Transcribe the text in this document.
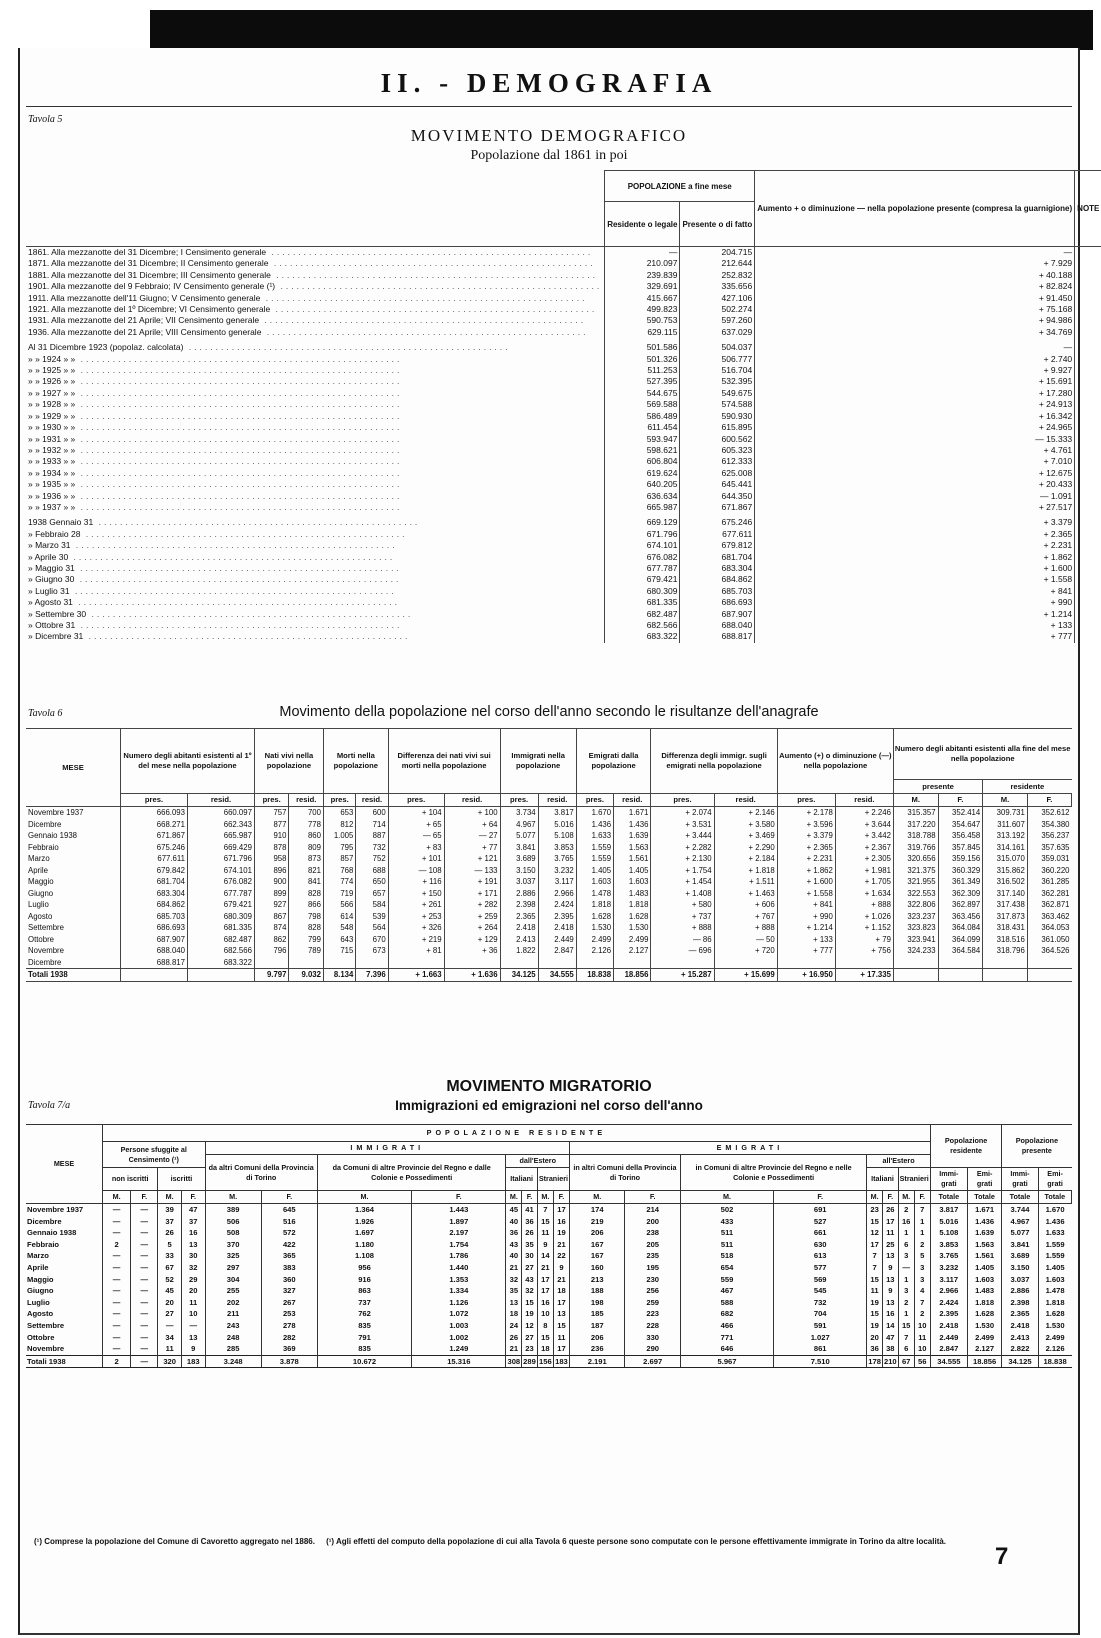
II. - DEMOGRAFIA
Tavola 5
MOVIMENTO DEMOGRAFICO
Popolazione dal 1861 in poi
	POPOLAZIONE a fine mese		Aumento + o diminuzione — nella popolazione presente (compresa la guarnigione)	NOTE
	Residente o legale	Presente o di fatto		
1861. Alla mezzanotte del 31 Dicembre; I Censimento generale ............................................................	—	204.715	—	
1871. Alla mezzanotte del 31 Dicembre; II Censimento generale ............................................................	210.097	212.644	+ 7.929	
1881. Alla mezzanotte del 31 Dicembre; III Censimento generale ............................................................	239.839	252.832	+ 40.188	
1901. Alla mezzanotte del 9 Febbraio; IV Censimento generale (¹) ............................................................	329.691	335.656	+ 82.824	
1911. Alla mezzanotte dell'11 Giugno; V Censimento generale ............................................................	415.667	427.106	+ 91.450	
1921. Alla mezzanotte del 1º Dicembre; VI Censimento generale ............................................................	499.823	502.274	+ 75.168	
1931. Alla mezzanotte del 21 Aprile; VII Censimento generale ............................................................	590.753	597.260	+ 94.986	
1936. Alla mezzanotte del 21 Aprile; VIII Censimento generale ............................................................	629.115	637.029	+ 34.769	
Al 31 Dicembre 1923 (popolaz. calcolata) ............................................................	501.586	504.037	—	
» » 1924 » » ............................................................	501.326	506.777	+ 2.740	
» » 1925 » » ............................................................	511.253	516.704	+ 9.927	
» » 1926 » » ............................................................	527.395	532.395	+ 15.691	
» » 1927 » » ............................................................	544.675	549.675	+ 17.280	
» » 1928 » » ............................................................	569.588	574.588	+ 24.913	
» » 1929 » » ............................................................	586.489	590.930	+ 16.342	
» » 1930 » » ............................................................	611.454	615.895	+ 24.965	
» » 1931 » » ............................................................	593.947	600.562	— 15.333	
» » 1932 » » ............................................................	598.621	605.323	+ 4.761	
» » 1933 » » ............................................................	606.804	612.333	+ 7.010	
» » 1934 » » ............................................................	619.624	625.008	+ 12.675	
» » 1935 » » ............................................................	640.205	645.441	+ 20.433	
» » 1936 » » ............................................................	636.634	644.350	— 1.091	
» » 1937 » » ............................................................	665.987	671.867	+ 27.517	
1938 Gennaio 31 ............................................................	669.129	675.246	+ 3.379	
» Febbraio 28 ............................................................	671.796	677.611	+ 2.365	
» Marzo 31 ............................................................	674.101	679.812	+ 2.231	
» Aprile 30 ............................................................	676.082	681.704	+ 1.862	
» Maggio 31 ............................................................	677.787	683.304	+ 1.600	
» Giugno 30 ............................................................	679.421	684.862	+ 1.558	
» Luglio 31 ............................................................	680.309	685.703	+ 841	
» Agosto 31 ............................................................	681.335	686.693	+ 990	
» Settembre 30 ............................................................	682.487	687.907	+ 1.214	
» Ottobre 31 ............................................................	682.566	688.040	+ 133	
» Dicembre 31 ............................................................	683.322	688.817	+ 777	
Tavola 6	Movimento della popolazione nel corso dell'anno secondo le risultanze dell'anagrafe
MESE	Numero degli abitanti esistenti al 1º del mese nella popolazione		Nati vivi nella popolazione		Morti nella popolazione		Differenza dei nati vivi sui morti nella popolazione		Immigrati nella popolazione		Emigrati dalla popolazione		Differenza degli immigr. sugli emigrati nella popolazione		Aumento (+) o diminuzione (—) nella popolazione		Numero degli abitanti esistenti alla fine del mese nella popolazione			
																	presente		residente	
	pres.	resid.	pres.	resid.	pres.	resid.	pres.	resid.	pres.	resid.	pres.	resid.	pres.	resid.	pres.	resid.	M.	F.	M.	F.
Novembre 1937	666.093	660.097	757	700	653	600	+ 104	+ 100	3.734	3.817	1.670	1.671	+ 2.074	+ 2.146	+ 2.178	+ 2.246	315.357	352.414	309.731	352.612
Dicembre	668.271	662.343	877	778	812	714	+ 65	+ 64	4.967	5.016	1.436	1.436	+ 3.531	+ 3.580	+ 3.596	+ 3.644	317.220	354.647	311.607	354.380
Gennaio 1938	671.867	665.987	910	860	1.005	887	— 65	— 27	5.077	5.108	1.633	1.639	+ 3.444	+ 3.469	+ 3.379	+ 3.442	318.788	356.458	313.192	356.237
Febbraio	675.246	669.429	878	809	795	732	+ 83	+ 77	3.841	3.853	1.559	1.563	+ 2.282	+ 2.290	+ 2.365	+ 2.367	319.766	357.845	314.161	357.635
Marzo	677.611	671.796	958	873	857	752	+ 101	+ 121	3.689	3.765	1.559	1.561	+ 2.130	+ 2.184	+ 2.231	+ 2.305	320.656	359.156	315.070	359.031
Aprile	679.842	674.101	896	821	768	688	— 108	— 133	3.150	3.232	1.405	1.405	+ 1.754	+ 1.818	+ 1.862	+ 1.981	321.375	360.329	315.862	360.220
Maggio	681.704	676.082	900	841	774	650	+ 116	+ 191	3.037	3.117	1.603	1.603	+ 1.454	+ 1.511	+ 1.600	+ 1.705	321.955	361.349	316.502	361.285
Giugno	683.304	677.787	899	828	719	657	+ 150	+ 171	2.886	2.966	1.478	1.483	+ 1.408	+ 1.463	+ 1.558	+ 1.634	322.553	362.309	317.140	362.281
Luglio	684.862	679.421	927	866	566	584	+ 261	+ 282	2.398	2.424	1.818	1.818	+ 580	+ 606	+ 841	+ 888	322.806	362.897	317.438	362.871
Agosto	685.703	680.309	867	798	614	539	+ 253	+ 259	2.365	2.395	1.628	1.628	+ 737	+ 767	+ 990	+ 1.026	323.237	363.456	317.873	363.462
Settembre	686.693	681.335	874	828	548	564	+ 326	+ 264	2.418	2.418	1.530	1.530	+ 888	+ 888	+ 1.214	+ 1.152	323.823	364.084	318.431	364.053
Ottobre	687.907	682.487	862	799	643	670	+ 219	+ 129	2.413	2.449	2.499	2.499	— 86	— 50	+ 133	+ 79	323.941	364.099	318.516	361.050
Novembre	688.040	682.566	796	789	715	673	+ 81	+ 36	1.822	2.847	2.126	2.127	— 696	+ 720	+ 777	+ 756	324.233	364.584	318.796	364.526
Dicembre	688.817	683.322																		
Totali 1938			9.797	9.032	8.134	7.396	+ 1.663	+ 1.636	34.125	34.555	18.838	18.856	+ 15.287	+ 15.699	+ 16.950	+ 17.335				
MOVIMENTO MIGRATORIO
Tavola 7/a	Immigrazioni ed emigrazioni nel corso dell'anno
MESE	POPOLAZIONE RESIDENTE																				Popolazione residente		Popolazione presente	
	Persone sfuggite al Censimento (¹)				IMMIGRATI								EMIGRATI											
					da altri Comuni della Provincia di Torino		da Comuni di altre Provincie del Regno e dalle Colonie e Possedimenti		dall'Estero				in altri Comuni della Provincia di Torino		in Comuni di altre Provincie del Regno e nelle Colonie e Possedimenti		all'Estero							
	non iscritti		iscritti						Italiani		Stranieri						Italiani		Stranieri		Immi- grati	Emi- grati	Immi- grati	Emi- grati
	M.	F.	M.	F.	M.	F.	M.	F.	M.	F.	M.	F.	M.	F.	M.	F.	M.	F.	M.	F.	Totale	Totale	Totale	Totale
Novembre 1937	—	—	39	47	389	645	1.364	1.443	45	41	7	17	174	214	502	691	23	26	2	7	3.817	1.671	3.744	1.670
Dicembre	—	—	37	37	506	516	1.926	1.897	40	36	15	16	219	200	433	527	15	17	16	1	5.016	1.436	4.967	1.436
Gennaio 1938	—	—	26	16	508	572	1.697	2.197	36	26	11	19	206	238	511	661	12	11	1	1	5.108	1.639	5.077	1.633
Febbraio	2	—	5	13	370	422	1.180	1.754	43	35	9	21	167	205	511	630	17	25	6	2	3.853	1.563	3.841	1.559
Marzo	—	—	33	30	325	365	1.108	1.786	40	30	14	22	167	235	518	613	7	13	3	5	3.765	1.561	3.689	1.559
Aprile	—	—	67	32	297	383	956	1.440	21	27	21	9	160	195	654	577	7	9	—	3	3.232	1.405	3.150	1.405
Maggio	—	—	52	29	304	360	916	1.353	32	43	17	21	213	230	559	569	15	13	1	3	3.117	1.603	3.037	1.603
Giugno	—	—	45	20	255	327	863	1.334	35	32	17	18	188	256	467	545	11	9	3	4	2.966	1.483	2.886	1.478
Luglio	—	—	20	11	202	267	737	1.126	13	15	16	17	198	259	588	732	19	13	2	7	2.424	1.818	2.398	1.818
Agosto	—	—	27	10	211	253	762	1.072	18	19	10	13	185	223	682	704	15	16	1	2	2.395	1.628	2.365	1.628
Settembre	—	—	—	—	243	278	835	1.003	24	12	8	15	187	228	466	591	19	14	15	10	2.418	1.530	2.418	1.530
Ottobre	—	—	34	13	248	282	791	1.002	26	27	15	11	206	330	771	1.027	20	47	7	11	2.449	2.499	2.413	2.499
Novembre	—	—	11	9	285	369	835	1.249	21	23	18	17	236	290	646	861	36	38	6	10	2.847	2.127	2.822	2.126
Totali 1938	2	—	320	183	3.248	3.878	10.672	15.316	308	289	156	183	2.191	2.697	5.967	7.510	178	210	67	56	34.555	18.856	34.125	18.838
(¹) Comprese la popolazione del Comune di Cavoretto aggregato nel 1886. (¹) Agli effetti del computo della popolazione di cui alla Tavola 6 queste persone sono computate con le persone effettivamente immigrate in Torino da altre località.
7
